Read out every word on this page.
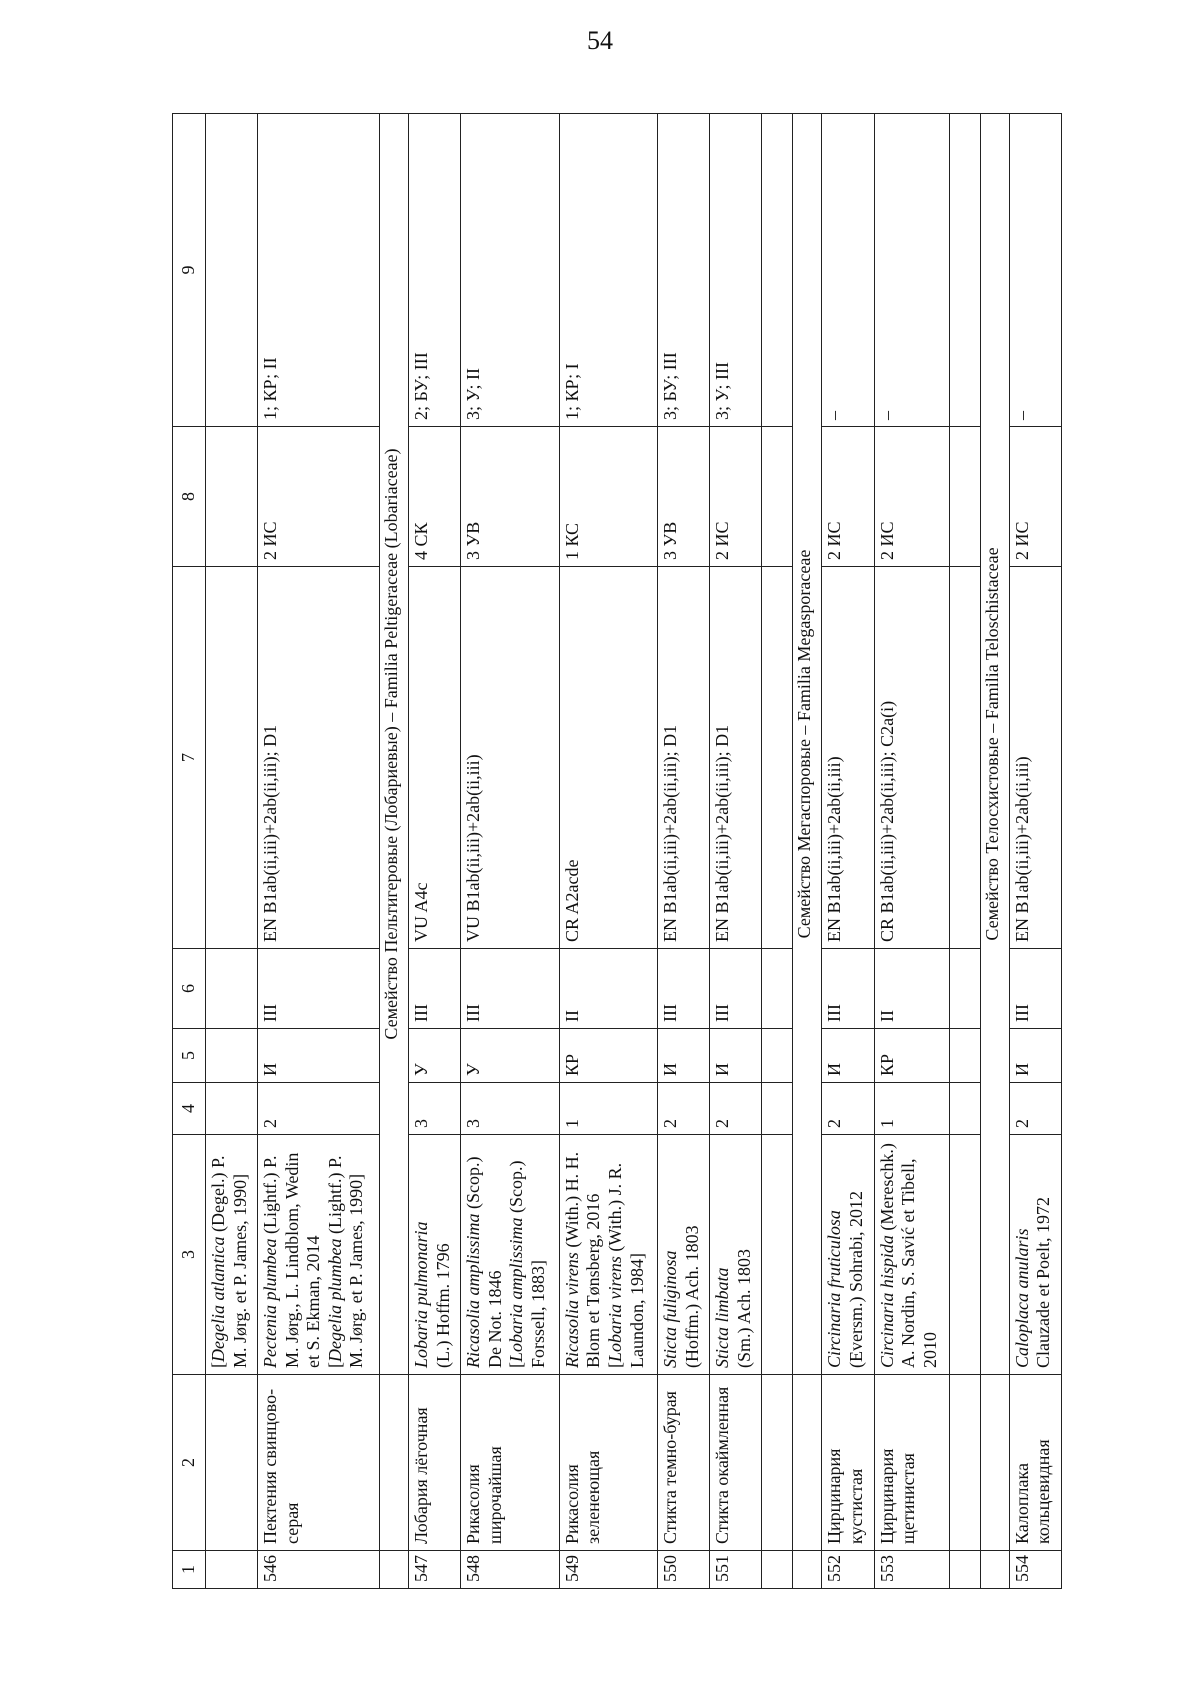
54
1	2	3	4	5	6	7	8	9
		[Degelia atlantica (Degel.) P.
M. Jørg. et P. James, 1990]						
546	Пектения свинцово-серая	Pectenia plumbea (Lightf.) P. M. Jørg., L. Lindblom, Wedin et S. Ekman, 2014
[Degelia plumbea (Lightf.) P. M. Jørg. et P. James, 1990]	2	И	III	EN B1ab(ii,iii)+2ab(ii,iii); D1	2 ИС	1; КР; II
		Семейство Пельтигеровые (Лобариевые) – Familia Peltigeraceae (Lobariaceae)						
547	Лобария лёгочная	Lobaria pulmonaria
(L.) Hoffm. 1796	3	У	III	VU A4c	4 СК	2; БУ; III
548	Рикасолия широчайшая	Ricasolia amplissima (Scop.) De Not. 1846
[Lobaria amplissima (Scop.) Forssell, 1883]	3	У	III	VU B1ab(ii,iii)+2ab(ii,iii)	3 УВ	3; У; II
549	Рикасолия зеленеющая	Ricasolia virens (With.) H. H. Blom et Tønsberg, 2016
[Lobaria virens (With.) J. R. Laundon, 1984]	1	КР	II	CR A2acde	1 КС	1; КР; I
550	Стикта темно-бурая	Sticta fuliginosa
(Hoffm.) Ach. 1803	2	И	III	EN B1ab(ii,iii)+2ab(ii,iii); D1	3 УВ	3; БУ; III
551	Стикта окаймленная	Sticta limbata
(Sm.) Ach. 1803	2	И	III	EN B1ab(ii,iii)+2ab(ii,iii); D1	2 ИС	3; У; III

		Семейство Мегаспоровые – Familia Megasporaceae						
552	Цирцинария кустистая	Circinaria fruticulosa
(Eversm.) Sohrabi, 2012	2	И	III	EN B1ab(ii,iii)+2ab(ii,iii)	2 ИС	–
553	Цирцинария щетинистая	Circinaria hispida (Mereschk.) A. Nordin, S. Savić et Tibell, 2010	1	КР	II	CR B1ab(ii,iii)+2ab(ii,iii); C2a(i)	2 ИС	–

		Семейство Телосхистовые – Familia Teloschistaceae						
554	Калоплака кольцевидная	Caloplaca anularis
Clauzade et Poelt, 1972	2	И	III	EN B1ab(ii,iii)+2ab(ii,iii)	2 ИС	–
